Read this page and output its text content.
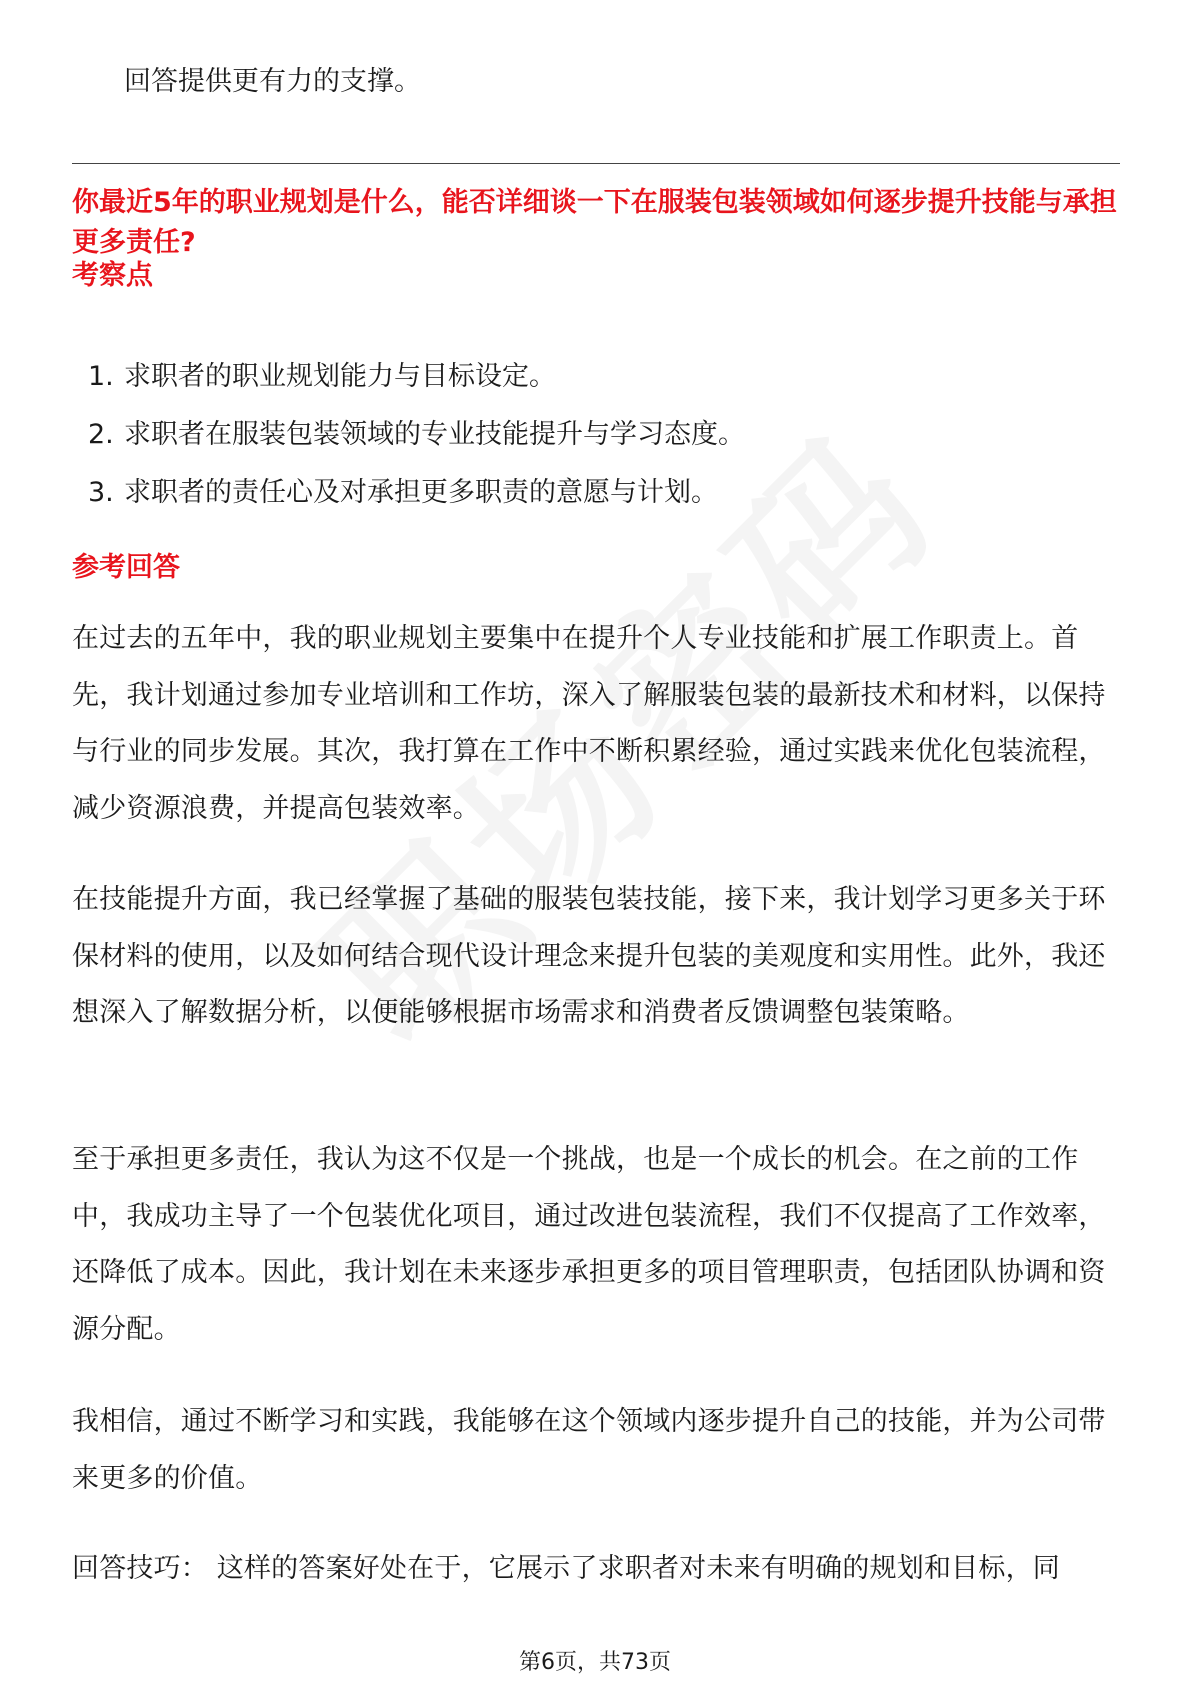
回答提供更有力的支撑。

你最近5年的职业规划是什么，能否详细谈一下在服装包装领域如何逐步提升技能与承担更多责任?

考察点

1. 求职者的职业规划能力与目标设定。
2. 求职者在服装包装领域的专业技能提升与学习态度。
3. 求职者的责任心及对承担更多职责的意愿与计划。

参考回答

在过去的五年中，我的职业规划主要集中在提升个人专业技能和扩展工作职责上。首先，我计划通过参加专业培训和工作坊，深入了解服装包装的最新技术和材料，以保持与行业的同步发展。其次，我打算在工作中不断积累经验，通过实践来优化包装流程，减少资源浪费，并提高包装效率。

在技能提升方面，我已经掌握了基础的服装包装技能，接下来，我计划学习更多关于环保材料的使用，以及如何结合现代设计理念来提升包装的美观度和实用性。此外，我还想深入了解数据分析，以便能够根据市场需求和消费者反馈调整包装策略。

至于承担更多责任，我认为这不仅是一个挑战，也是一个成长的机会。在之前的工作中，我成功主导了一个包装优化项目，通过改进包装流程，我们不仅提高了工作效率，还降低了成本。因此，我计划在未来逐步承担更多的项目管理职责，包括团队协调和资源分配。

我相信，通过不断学习和实践，我能够在这个领域内逐步提升自己的技能，并为公司带来更多的价值。

回答技巧： 这样的答案好处在于，它展示了求职者对未来有明确的规划和目标，同

第6页，共73页
